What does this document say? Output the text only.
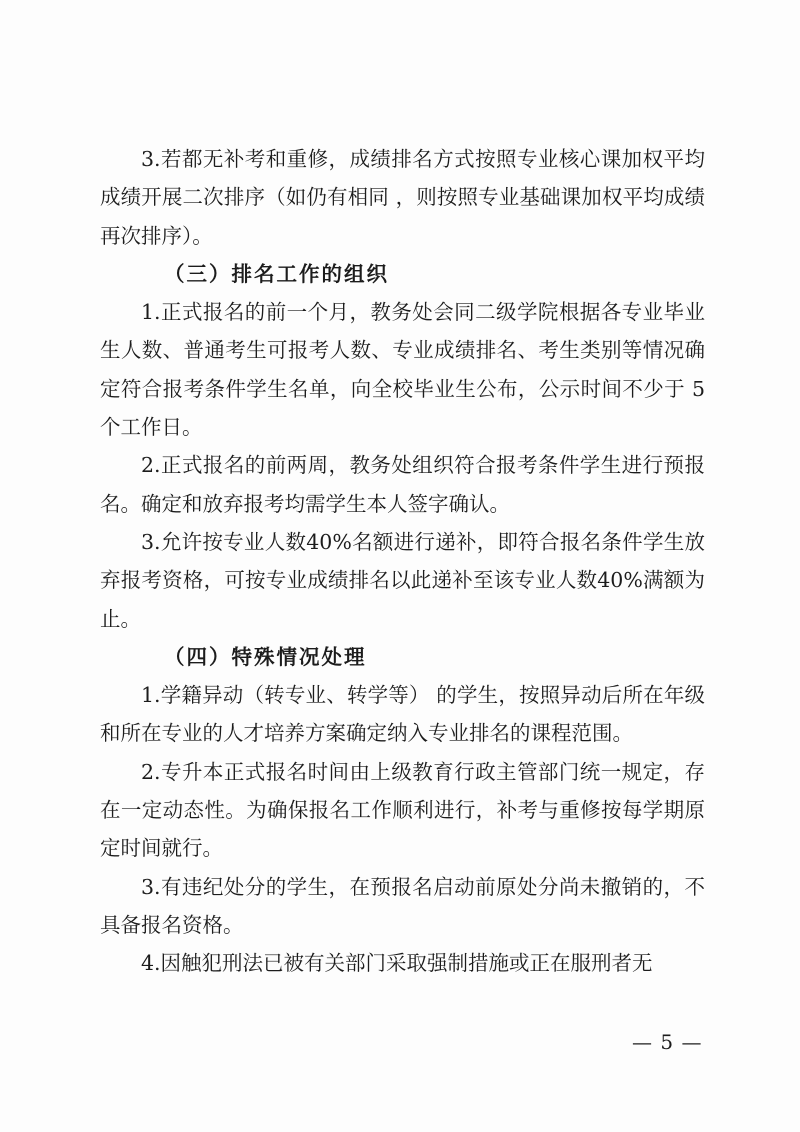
3.若都无补考和重修，成绩排名方式按照专业核心课加权平均成绩开展二次排序（如仍有相同 ，则按照专业基础课加权平均成绩再次排序）。

（三）排名工作的组织

1.正式报名的前一个月，教务处会同二级学院根据各专业毕业生人数、普通考生可报考人数、专业成绩排名、考生类别等情况确定符合报考条件学生名单，向全校毕业生公布，公示时间不少于 5 个工作日。

2.正式报名的前两周，教务处组织符合报考条件学生进行预报名。确定和放弃报考均需学生本人签字确认。

3.允许按专业人数40%名额进行递补，即符合报名条件学生放弃报考资格，可按专业成绩排名以此递补至该专业人数40%满额为止。

（四）特殊情况处理

1.学籍异动（转专业、转学等） 的学生，按照异动后所在年级和所在专业的人才培养方案确定纳入专业排名的课程范围。

2.专升本正式报名时间由上级教育行政主管部门统一规定，存在一定动态性。为确保报名工作顺利进行，补考与重修按每学期原定时间就行。

3.有违纪处分的学生，在预报名启动前原处分尚未撤销的，不具备报名资格。

4.因触犯刑法已被有关部门采取强制措施或正在服刑者无

— 5 —
